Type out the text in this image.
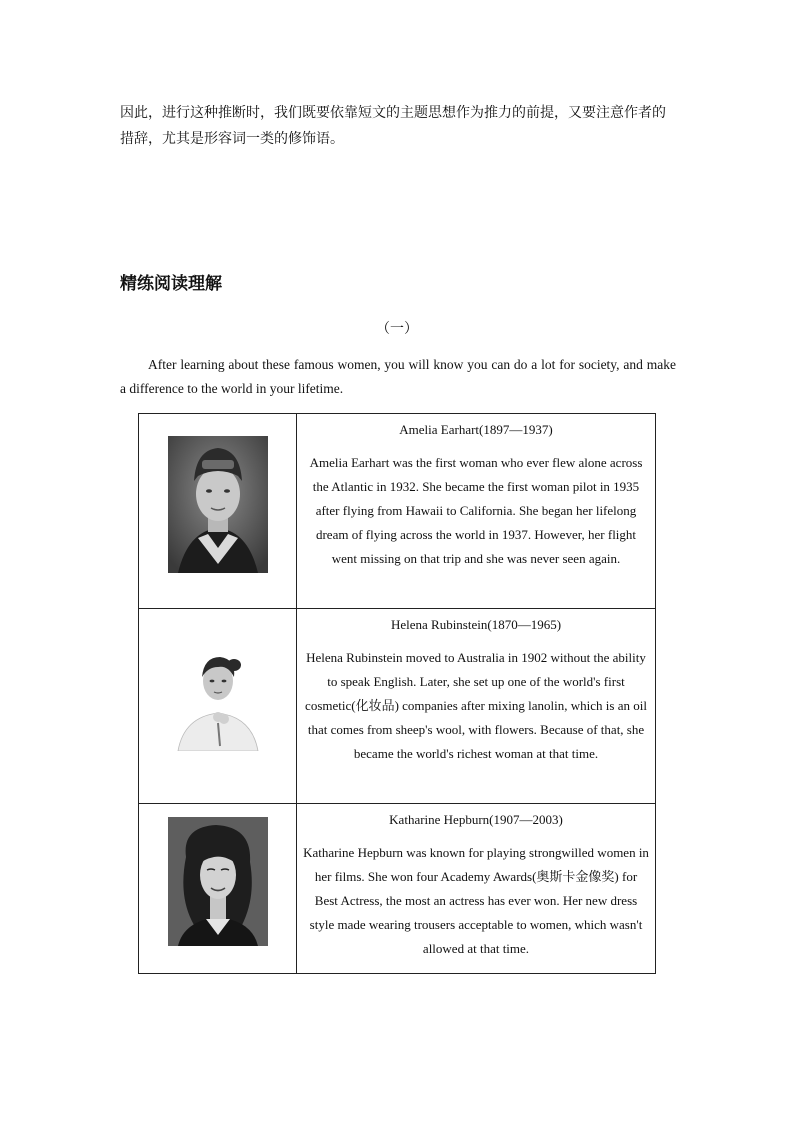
因此，进行这种推断时，我们既要依靠短文的主题思想作为推力的前提，又要注意作者的措辞，尤其是形容词一类的修饰语。

精练阅读理解

（一）

After learning about these famous women, you will know you can do a lot for society, and make a difference to the world in your lifetime.

Amelia Earhart(1897—1937)

Amelia Earhart was the first woman who ever flew alone across the Atlantic in 1932. She became the first woman pilot in 1935 after flying from Hawaii to California. She began her lifelong dream of flying across the world in 1937. However, her flight went missing on that trip and she was never seen again.

Helena Rubinstein(1870—1965)

Helena Rubinstein moved to Australia in 1902 without the ability to speak English. Later, she set up one of the world's first cosmetic(化妆品) companies after mixing lanolin, which is an oil that comes from sheep's wool, with flowers. Because of that, she became the world's richest woman at that time.

Katharine Hepburn(1907—2003)

Katharine Hepburn was known for playing strongwilled women in her films. She won four Academy Awards(奥斯卡金像奖) for Best Actress, the most an actress has ever won. Her new dress style made wearing trousers acceptable to women, which wasn't allowed at that time.
